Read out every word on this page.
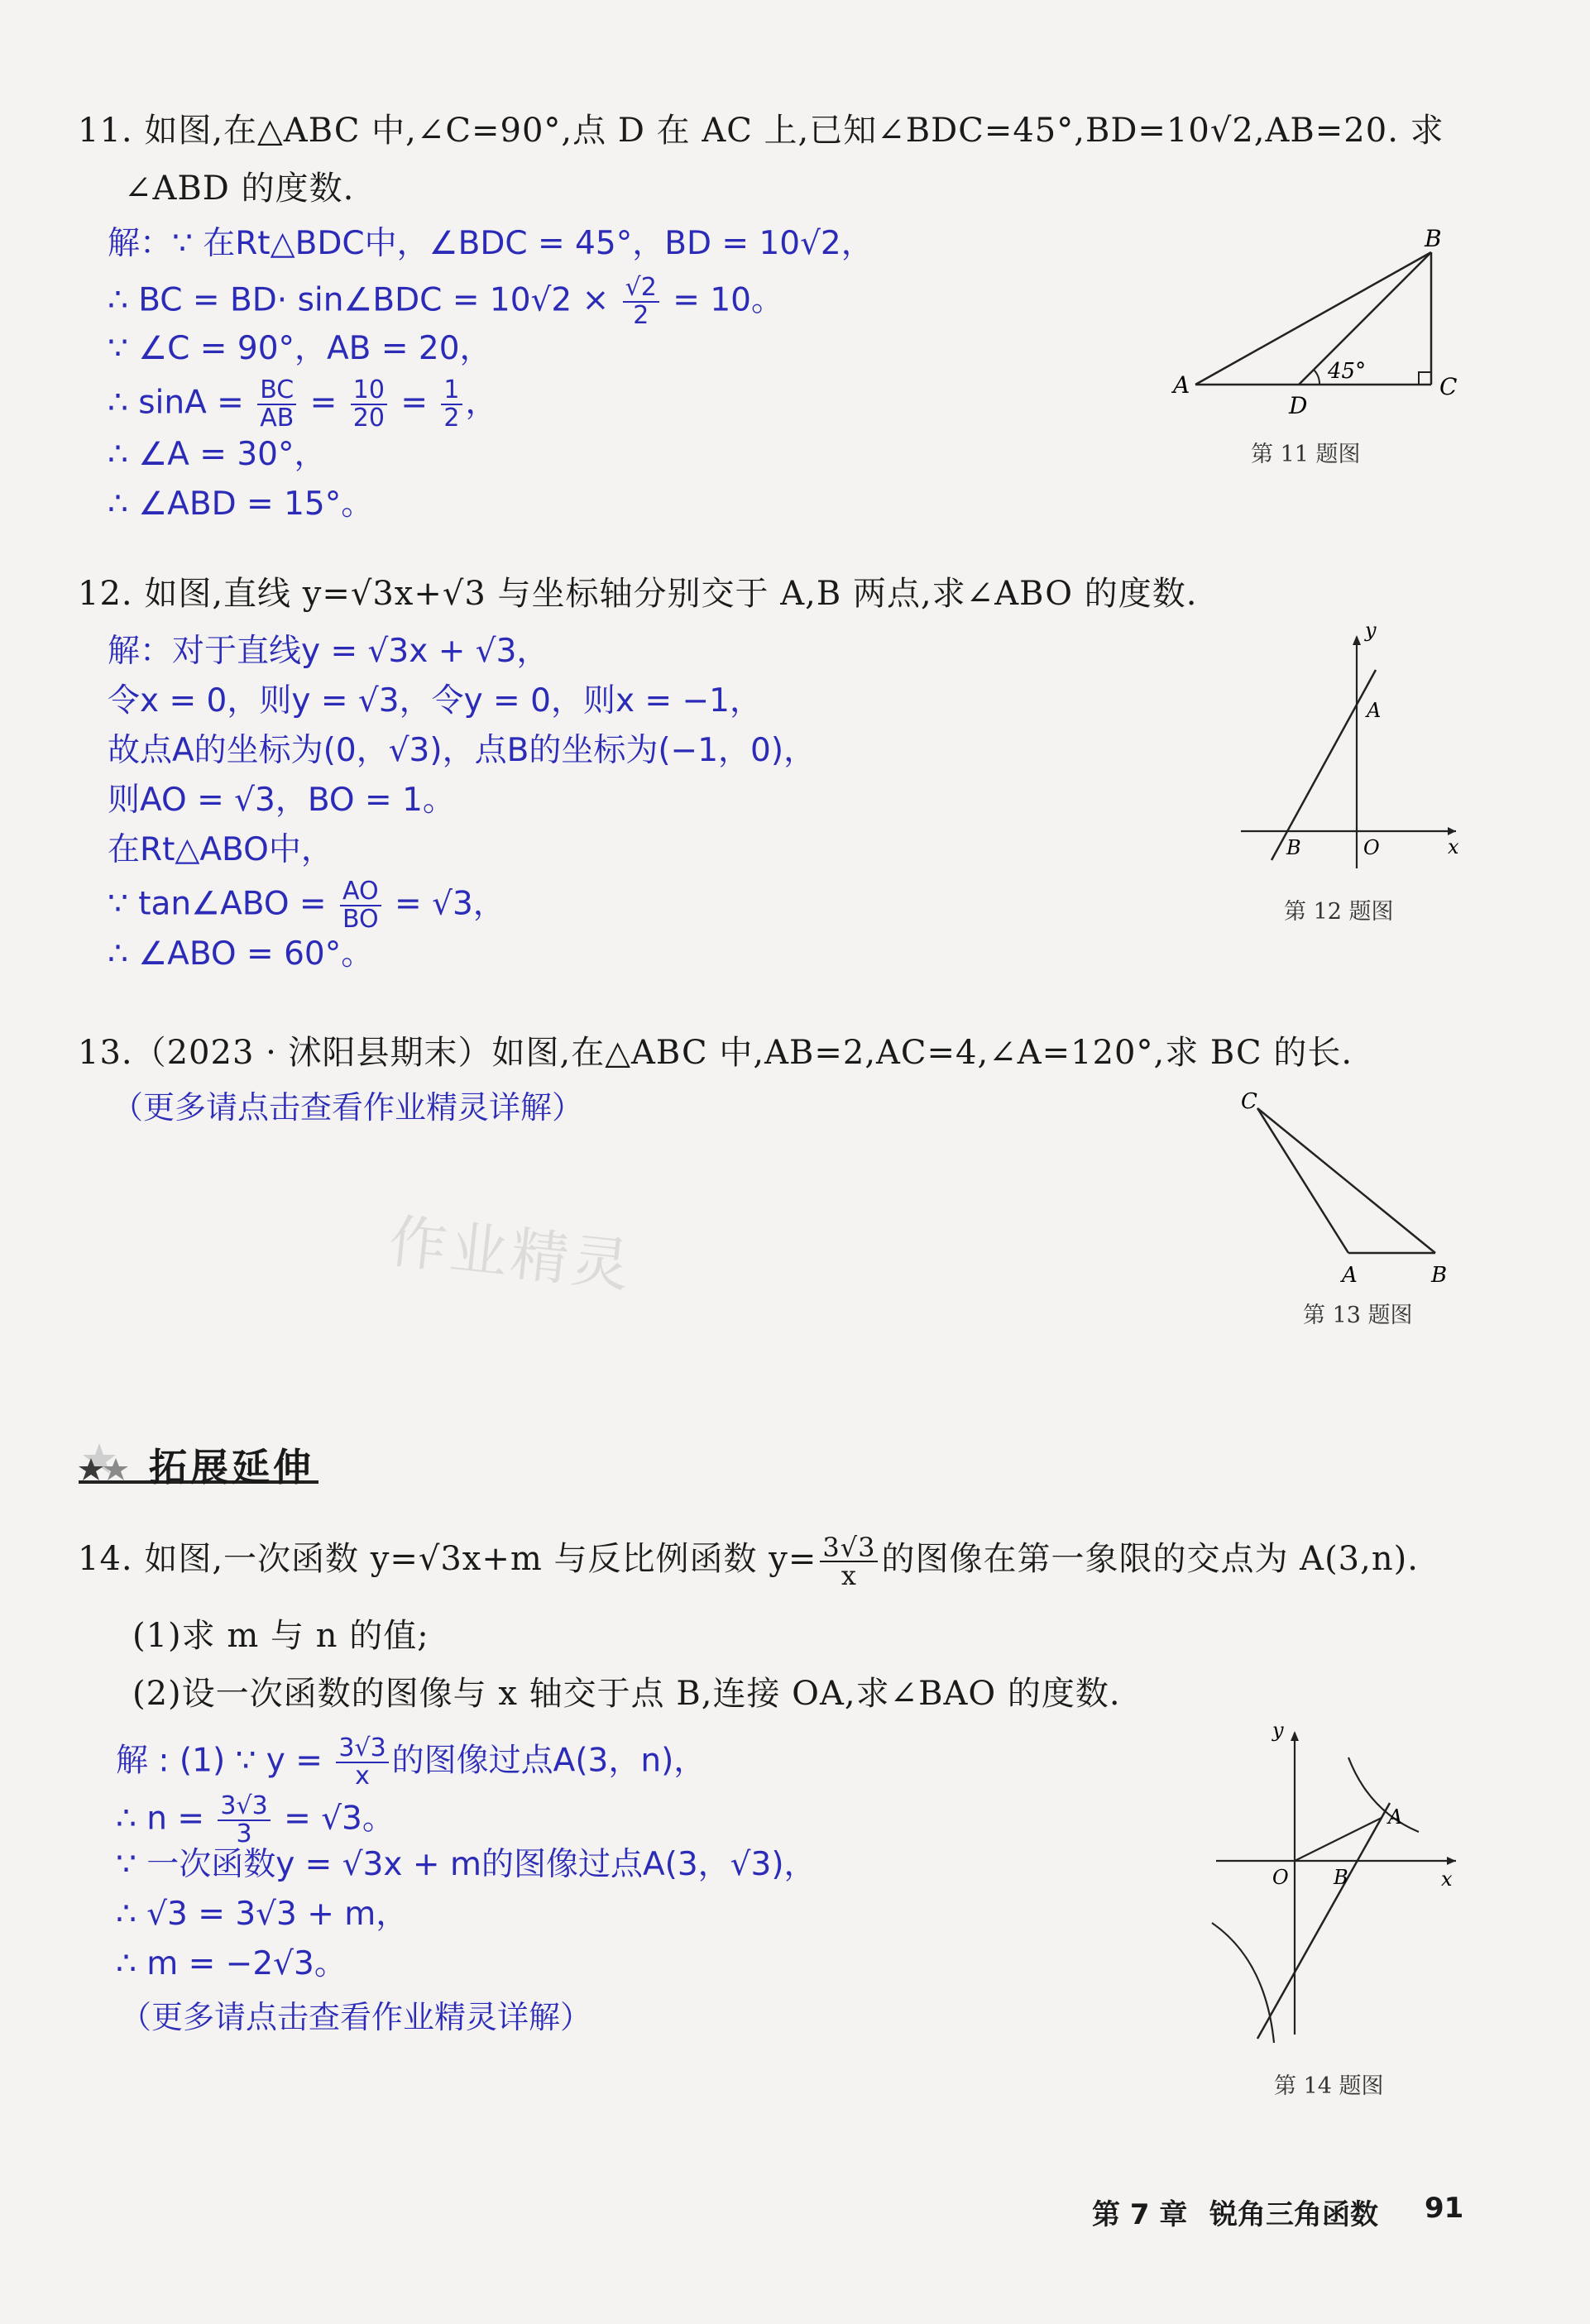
11. 如图,在△ABC 中,∠C=90°,点 D 在 AC 上,已知∠BDC=45°,BD=10√2,AB=20. 求
∠ABD 的度数.
解：∵ 在Rt△BDC中，∠BDC = 45°，BD = 10√2，
∴ BC = BD· sin∠BDC = $10√2 \times \frac{√2}{2} = 10$。
∵ ∠C = 90°，AB = 20，
∴ $\sin A = \frac{BC}{AB} = \frac{10}{20} = \frac{1}{2}$ ，
∴ ∠A = 30°，
∴ ∠ABD = 15°。
45°
A
B
C
D
第 11 题图
12. 如图,直线 y=√3x+√3 与坐标轴分别交于 A,B 两点,求∠ABO 的度数.
解：对于直线y = √3x + √3，
令x = 0，则y = √3，令y = 0，则x = −1，
故点A的坐标为(0，√3)，点B的坐标为(−1，0)，
则AO = √3，BO = 1。
在Rt△ABO中，
∵ tan∠ABO = $\frac{AO}{BO} = √3$，
∴ ∠ABO = 60°。
y
x
A
B	O
第 12 题图
13.（2023 · 沭阳县期末）如图,在△ABC 中,AB=2,AC=4,∠A=120°,求 BC 的长.
（更多请点击查看作业精灵详解）
作业精灵
C
A	B
第 13 题图
拓展延伸
14. 如图,一次函数 y=√3x+m 与反比例函数 $y= \frac{3√3}{x}$ 的图像在第一象限的交点为 A(3,n).
(1)求 m 与 n 的值;
(2)设一次函数的图像与 x 轴交于点 B,连接 OA,求∠BAO 的度数.
解 : (1) ∵ $y = \frac{3√3}{x}$ 的图像过点A(3，n)，
∴ $n = \frac{3√3}{3} = √3$。
∵ 一次函数y = √3x + m的图像过点A(3，√3)，
∴ √3 = 3√3 + m，
∴ m = −2√3。
（更多请点击查看作业精灵详解）
y
x
A
B
O
第 14 题图
第 7 章 锐角三角函数 91
